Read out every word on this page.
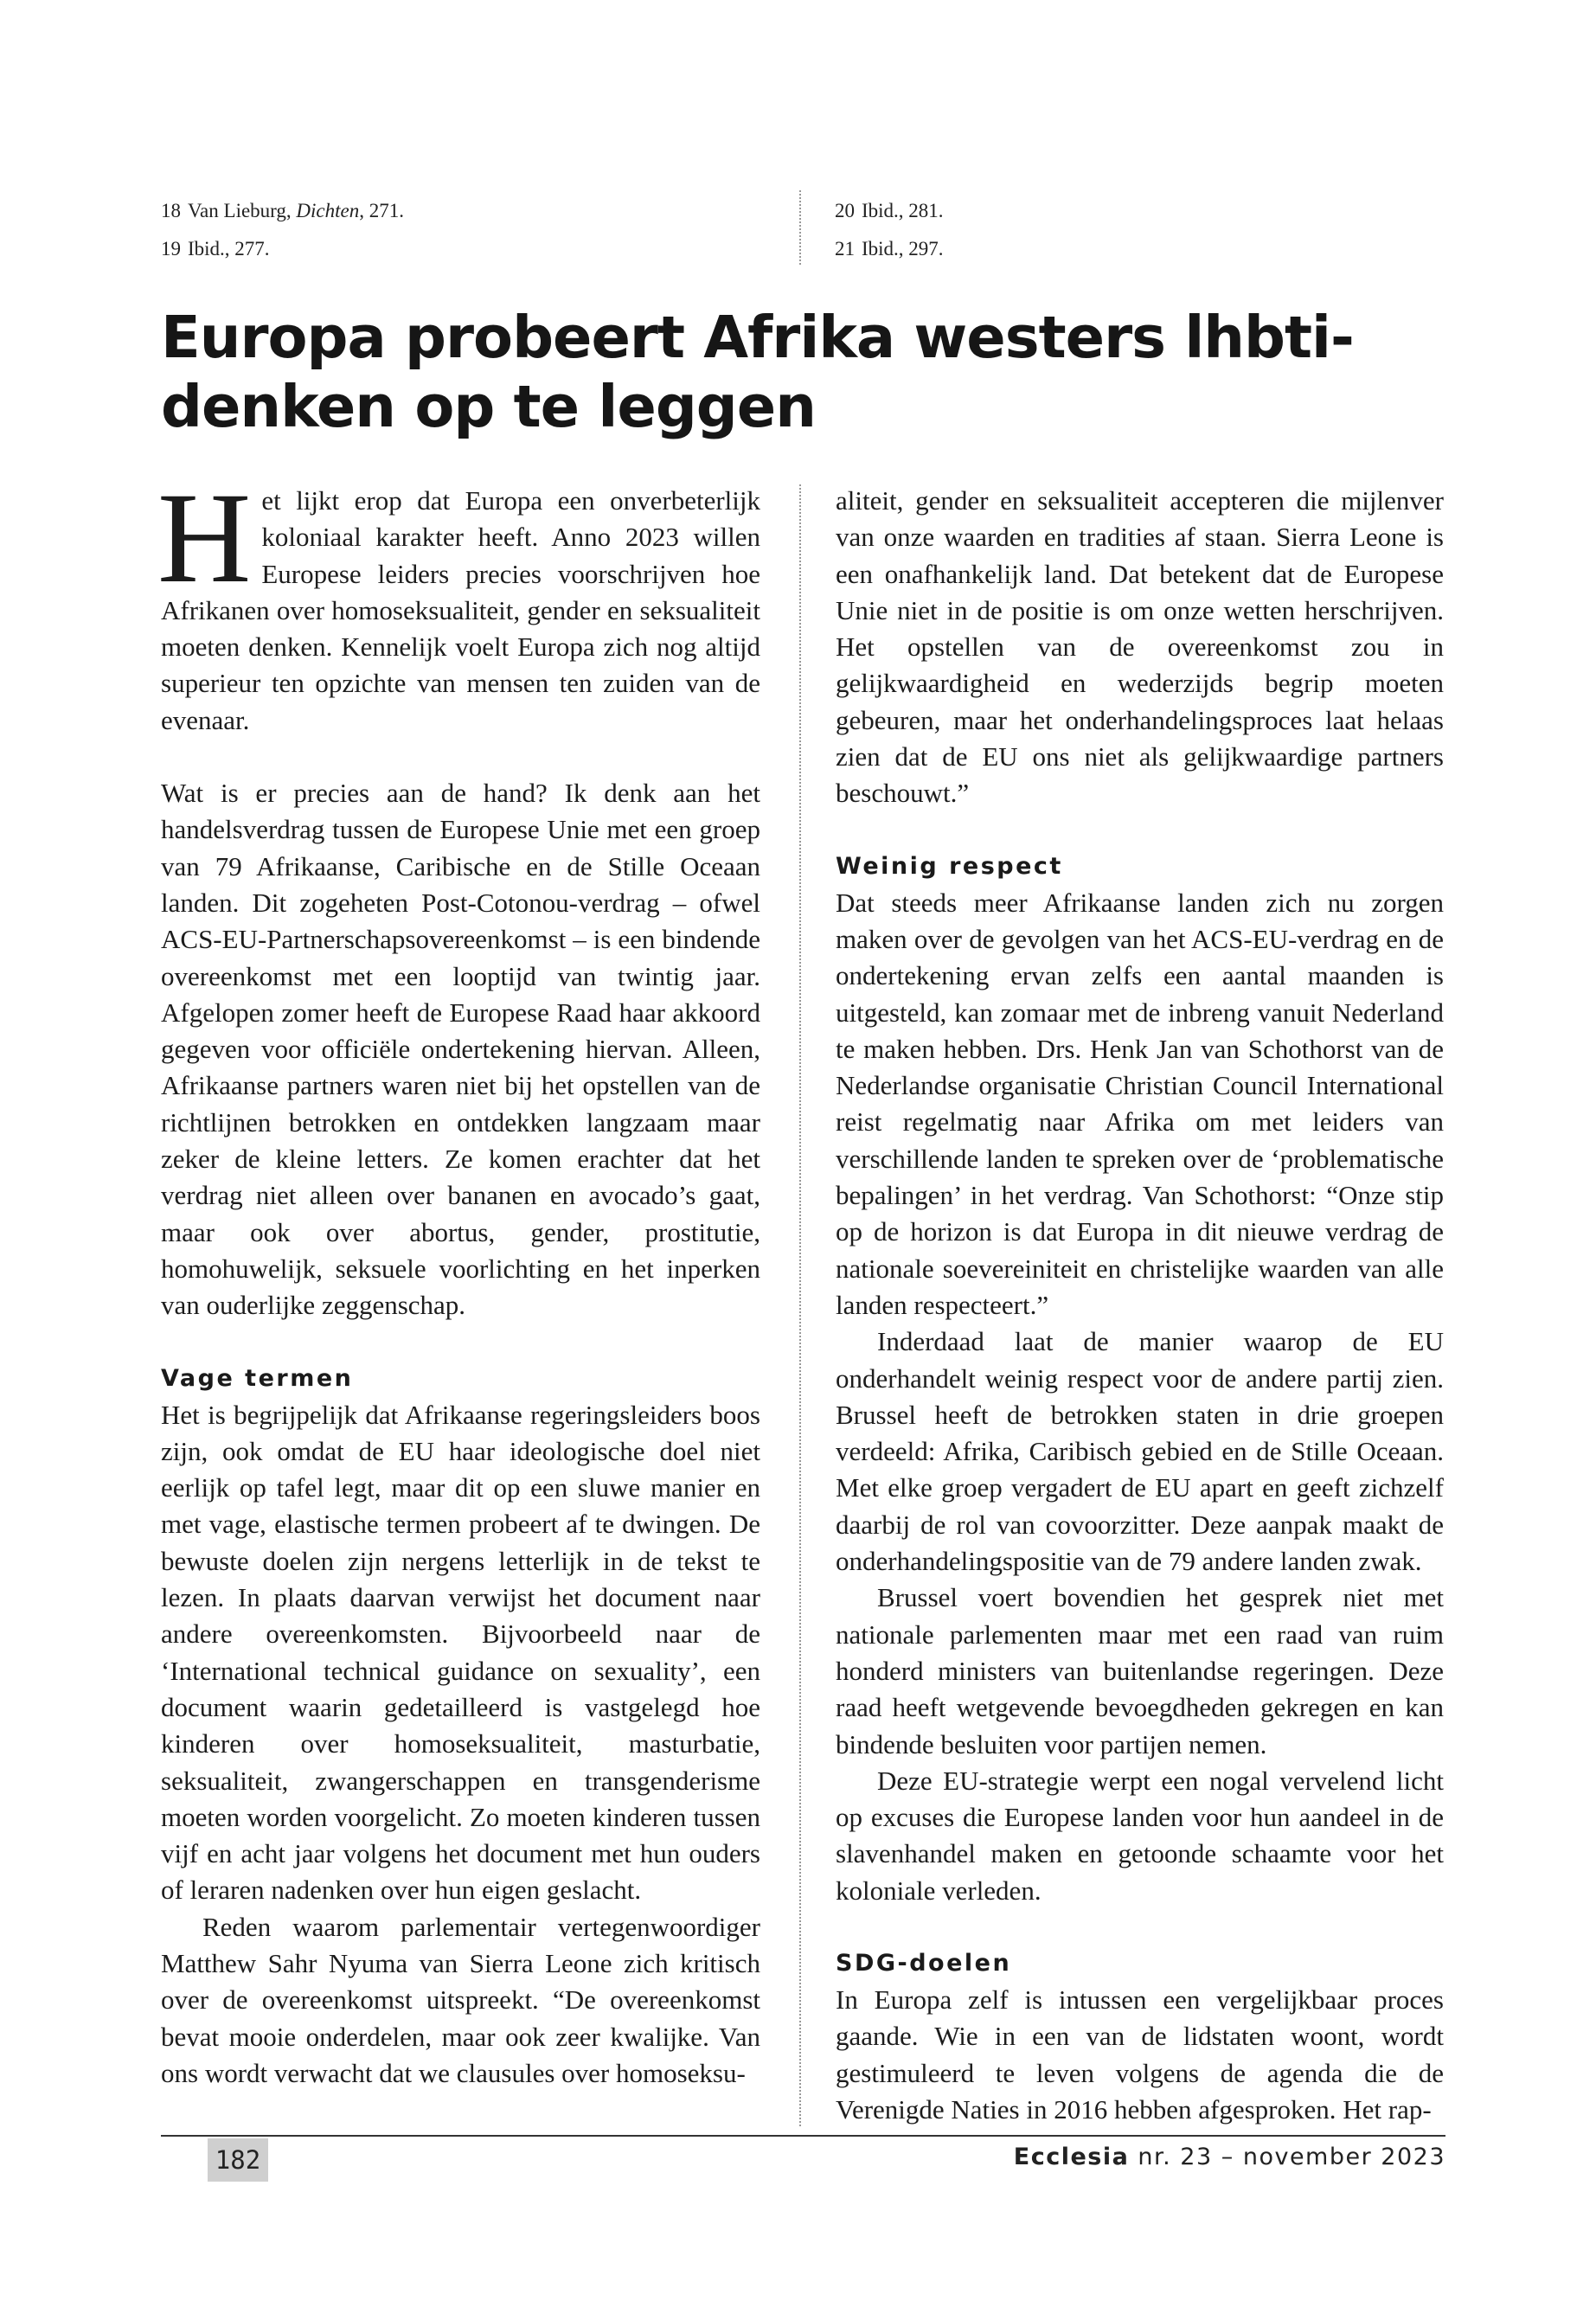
18 Van Lieburg, Dichten, 271.
19 Ibid., 277.
20 Ibid., 281.
21 Ibid., 297.
Europa probeert Afrika westers lhbti-denken op te leggen

Het lijkt erop dat Europa een onverbeterlijk koloniaal karakter heeft. Anno 2023 willen Europese leiders precies voorschrijven hoe Afrikanen over homoseksualiteit, gender en seksualiteit moeten denken. Kennelijk voelt Europa zich nog altijd superieur ten opzichte van mensen ten zuiden van de evenaar.

Wat is er precies aan de hand? Ik denk aan het handelsverdrag tussen de Europese Unie met een groep van 79 Afrikaanse, Caribische en de Stille Oceaan landen. Dit zogeheten Post-Cotonou-verdrag – ofwel ACS-EU-Partnerschapsovereenkomst – is een bindende overeenkomst met een looptijd van twintig jaar. Afgelopen zomer heeft de Europese Raad haar akkoord gegeven voor officiële ondertekening hiervan. Alleen, Afrikaanse partners waren niet bij het opstellen van de richtlijnen betrokken en ontdekken langzaam maar zeker de kleine letters. Ze komen erachter dat het verdrag niet alleen over bananen en avocado’s gaat, maar ook over abortus, gender, prostitutie, homohuwelijk, seksuele voorlichting en het inperken van ouderlijke zeggenschap.

Vage termen

Het is begrijpelijk dat Afrikaanse regeringsleiders boos zijn, ook omdat de EU haar ideologische doel niet eerlijk op tafel legt, maar dit op een sluwe manier en met vage, elastische termen probeert af te dwingen. De bewuste doelen zijn nergens letterlijk in de tekst te lezen. In plaats daarvan verwijst het document naar andere overeenkomsten. Bijvoorbeeld naar de ‘International technical guidance on sexuality’, een document waarin gedetailleerd is vastgelegd hoe kinderen over homoseksualiteit, masturbatie, seksualiteit, zwangerschappen en transgenderisme moeten worden voorgelicht. Zo moeten kinderen tussen vijf en acht jaar volgens het document met hun ouders of leraren nadenken over hun eigen geslacht.

Reden waarom parlementair vertegenwoordiger Matthew Sahr Nyuma van Sierra Leone zich kritisch over de overeenkomst uitspreekt. “De overeenkomst bevat mooie onderdelen, maar ook zeer kwalijke. Van ons wordt verwacht dat we clausules over homoseksu-

aliteit, gender en seksualiteit accepteren die mijlenver van onze waarden en tradities af staan. Sierra Leone is een onafhankelijk land. Dat betekent dat de Europese Unie niet in de positie is om onze wetten herschrijven. Het opstellen van de overeenkomst zou in gelijkwaardigheid en wederzijds begrip moeten gebeuren, maar het onderhandelingsproces laat helaas zien dat de EU ons niet als gelijkwaardige partners beschouwt.”

Weinig respect

Dat steeds meer Afrikaanse landen zich nu zorgen maken over de gevolgen van het ACS-EU-verdrag en de ondertekening ervan zelfs een aantal maanden is uitgesteld, kan zomaar met de inbreng vanuit Nederland te maken hebben. Drs. Henk Jan van Schothorst van de Nederlandse organisatie Christian Council International reist regelmatig naar Afrika om met leiders van verschillende landen te spreken over de ‘problematische bepalingen’ in het verdrag. Van Schothorst: “Onze stip op de horizon is dat Europa in dit nieuwe verdrag de nationale soevereiniteit en christelijke waarden van alle landen respecteert.”

Inderdaad laat de manier waarop de EU onderhandelt weinig respect voor de andere partij zien. Brussel heeft de betrokken staten in drie groepen verdeeld: Afrika, Caribisch gebied en de Stille Oceaan. Met elke groep vergadert de EU apart en geeft zichzelf daarbij de rol van covoorzitter. Deze aanpak maakt de onderhandelingspositie van de 79 andere landen zwak.

Brussel voert bovendien het gesprek niet met nationale parlementen maar met een raad van ruim honderd ministers van buitenlandse regeringen. Deze raad heeft wetgevende bevoegdheden gekregen en kan bindende besluiten voor partijen nemen.

Deze EU-strategie werpt een nogal vervelend licht op excuses die Europese landen voor hun aandeel in de slavenhandel maken en getoonde schaamte voor het koloniale verleden.

SDG-doelen

In Europa zelf is intussen een vergelijkbaar proces gaande. Wie in een van de lidstaten woont, wordt gestimuleerd te leven volgens de agenda die de Verenigde Naties in 2016 hebben afgesproken. Het rap-

182	Ecclesia nr. 23 – november 2023
